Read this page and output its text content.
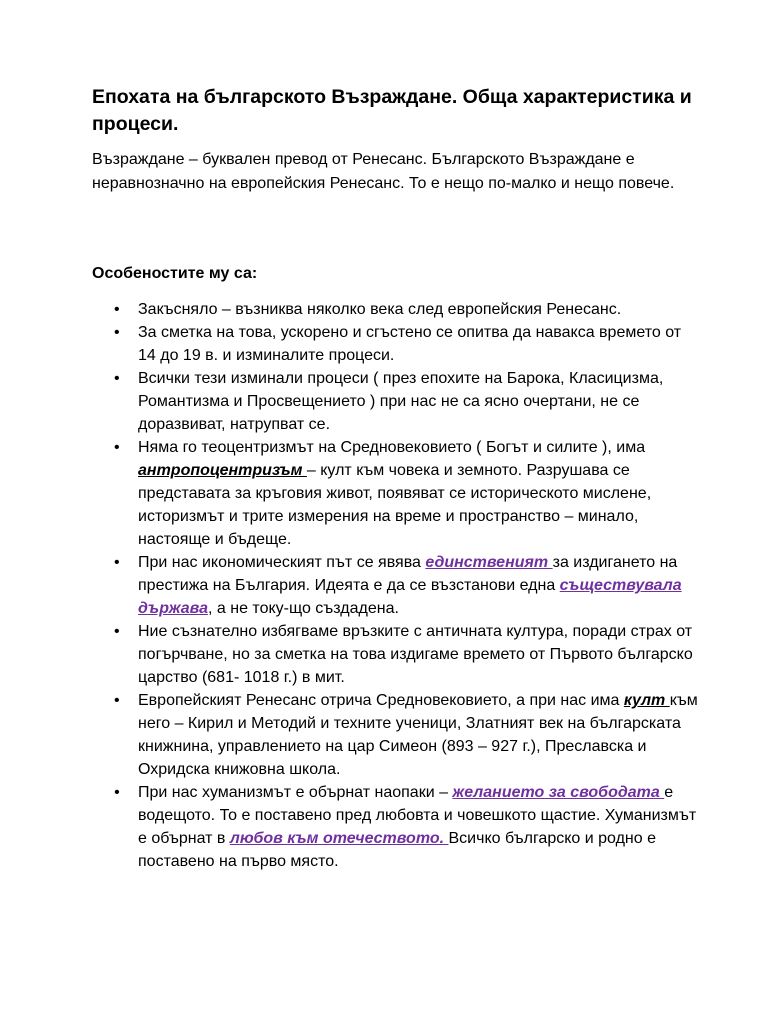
Епохата на българското Възраждане. Обща характеристика и процеси.

Възраждане – буквален превод от Ренесанс. Българското Възраждане е неравнозначно на европейския Ренесанс. То е нещо по-малко и нещо повече.

Особеностите му са:
• Закъсняло – възниква няколко века след европейския Ренесанс.
• За сметка на това, ускорено и сгъстено се опитва да навакса времето от 14 до 19 в. и изминалите процеси.
• Всички тези изминали процеси ( през епохите на Барока, Класицизма, Романтизма и Просвещението ) при нас не са ясно очертани, не се доразвиват, натрупват се.
• Няма го теоцентризмът на Средновековието ( Богът и силите ), има антропоцентризъм – култ към човека и земното. Разрушава се представата за кръговия живот, появяват се историческото мислене, историзмът и трите измерения на време и пространство – минало, настояще и бъдеще.
• При нас икономическият път се явява единственият за издигането на престижа на България. Идеята е да се възстанови една съществувала държава, а не току-що създадена.
• Ние съзнателно избягваме връзките с античната култура, поради страх от погърчване, но за сметка на това издигаме времето от Първото българско царство (681- 1018 г.) в мит.
• Европейският Ренесанс отрича Средновековието, а при нас има култ към него – Кирил и Методий и техните ученици, Златният век на българската книжнина, управлението на цар Симеон (893 – 927 г.), Преславска и Охридска книжовна школа.
• При нас хуманизмът е обърнат наопаки – желанието за свободата е водещото. То е поставено пред любовта и човешкото щастие. Хуманизмът е обърнат в любов към отечеството. Всичко българско и родно е поставено на първо място.
